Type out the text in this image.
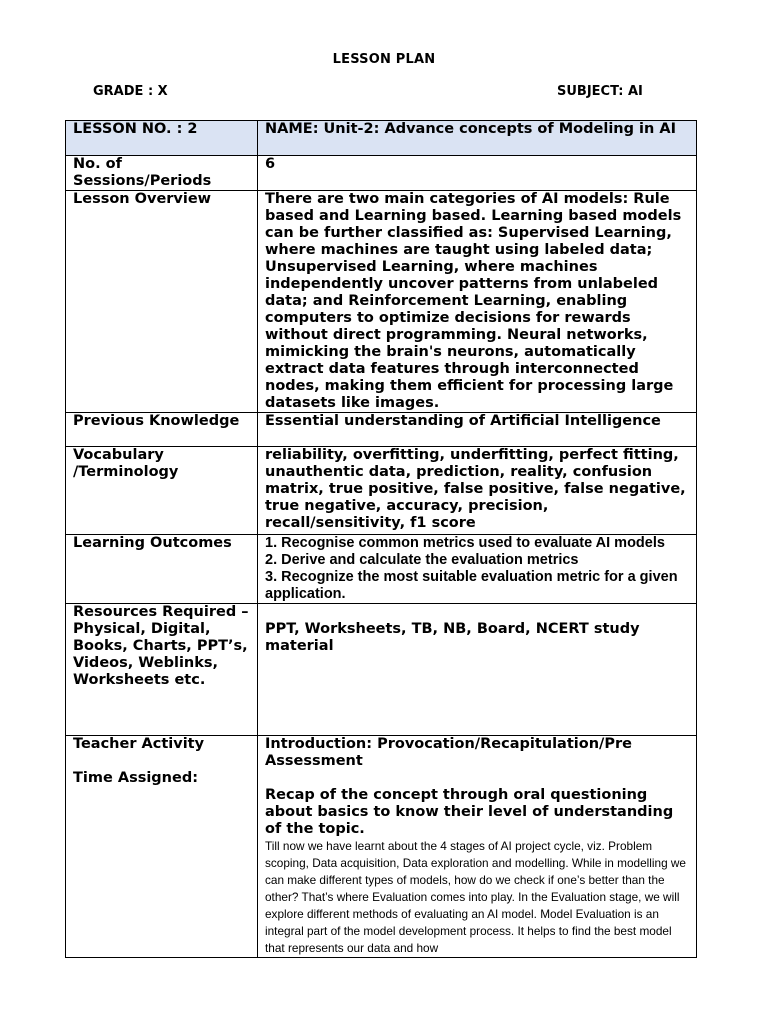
LESSON PLAN
GRADE : X	SUBJECT: AI
LESSON NO. : 2	NAME: Unit-2: Advance concepts of Modeling in AI
No. of Sessions/Periods	6
Lesson Overview	There are two main categories of AI models: Rule based and Learning based. Learning based models can be further classified as: Supervised Learning, where machines are taught using labeled data; Unsupervised Learning, where machines independently uncover patterns from unlabeled data; and Reinforcement Learning, enabling computers to optimize decisions for rewards without direct programming. Neural networks, mimicking the brain's neurons, automatically extract data features through interconnected nodes, making them efficient for processing large datasets like images.
Previous Knowledge	Essential understanding of Artificial Intelligence
Vocabulary /Terminology	reliability, overfitting, underfitting, perfect fitting, unauthentic data, prediction, reality, confusion matrix, true positive, false positive, false negative, true negative, accuracy, precision, recall/sensitivity, f1 score
Learning Outcomes	1. Recognise common metrics used to evaluate AI models
2. Derive and calculate the evaluation metrics
3. Recognize the most suitable evaluation metric for a given application.

Resources Required – Physical, Digital, Books, Charts, PPT’s, Videos, Weblinks, Worksheets etc.	PPT, Worksheets, TB, NB, Board, NCERT study material

Teacher Activity
Time Assigned:	Introduction: Provocation/Recapitulation/Pre Assessment
Recap of the concept through oral questioning about basics to know their level of understanding of the topic.
Till now we have learnt about the 4 stages of AI project cycle, viz. Problem scoping, Data acquisition, Data exploration and modelling. While in modelling we can make different types of models, how do we check if one’s better than the other? That’s where Evaluation comes into play. In the Evaluation stage, we will explore different methods of evaluating an AI model. Model Evaluation is an integral part of the model development process. It helps to find the best model that represents our data and how
